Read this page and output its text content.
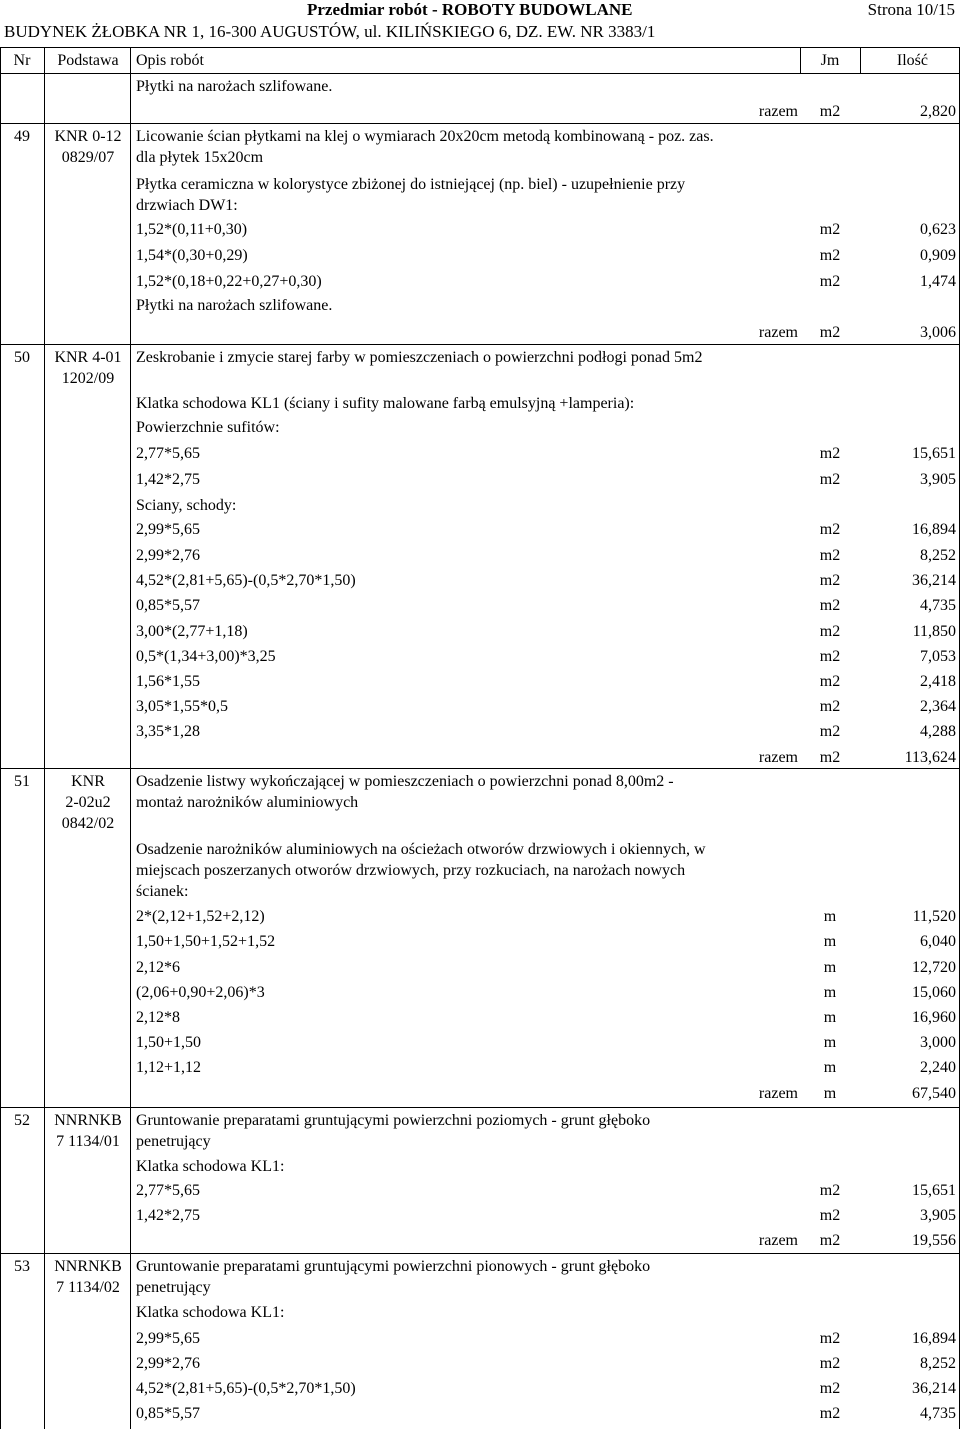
Przedmiar robót - ROBOTY BUDOWLANE	Strona 10/15
BUDYNEK ŻŁOBKA NR 1, 16-300 AUGUSTÓW, ul. KILIŃSKIEGO 6, DZ. EW. NR 3383/1
Nr	Podstawa	Opis robót	Jm	Ilość
Płytki na narożach szlifowane.
razem	m2	2,820
49	KNR 0-12
0829/07
Licowanie ścian płytkami na klej o wymiarach 20x20cm metodą kombinowaną - poz. zas.
dla płytek 15x20cm
Płytka ceramiczna w kolorystyce zbiżonej do istniejącej (np. biel) - uzupełnienie przy
drzwiach DW1:
1,52*(0,11+0,30)	m2	0,623
1,54*(0,30+0,29)	m2	0,909
1,52*(0,18+0,22+0,27+0,30)	m2	1,474
Płytki na narożach szlifowane.
razem	m2	3,006
50	KNR 4-01
1202/09
Zeskrobanie i zmycie starej farby w pomieszczeniach o powierzchni podłogi ponad 5m2
Klatka schodowa KL1 (ściany i sufity malowane farbą emulsyjną +lamperia):
Powierzchnie sufitów:
2,77*5,65	m2	15,651
1,42*2,75	m2	3,905
Sciany, schody:
2,99*5,65	m2	16,894
2,99*2,76	m2	8,252
4,52*(2,81+5,65)-(0,5*2,70*1,50)	m2	36,214
0,85*5,57	m2	4,735
3,00*(2,77+1,18)	m2	11,850
0,5*(1,34+3,00)*3,25	m2	7,053
1,56*1,55	m2	2,418
3,05*1,55*0,5	m2	2,364
3,35*1,28	m2	4,288
razem	m2	113,624
51	KNR
2-02u2
0842/02
Osadzenie listwy wykończającej w pomieszczeniach o powierzchni ponad 8,00m2 -
montaż narożników aluminiowych
Osadzenie narożników aluminiowych na ościeżach otworów drzwiowych i okiennych, w
miejscach poszerzanych otworów drzwiowych, przy rozkuciach, na narożach nowych
ścianek:
2*(2,12+1,52+2,12)	m	11,520
1,50+1,50+1,52+1,52	m	6,040
2,12*6	m	12,720
(2,06+0,90+2,06)*3	m	15,060
2,12*8	m	16,960
1,50+1,50	m	3,000
1,12+1,12	m	2,240
razem	m	67,540
52	NNRNKB
7 1134/01
Gruntowanie preparatami gruntującymi powierzchni poziomych - grunt głęboko
penetrujący
Klatka schodowa KL1:
2,77*5,65	m2	15,651
1,42*2,75	m2	3,905
razem	m2	19,556
53	NNRNKB
7 1134/02
Gruntowanie preparatami gruntującymi powierzchni pionowych - grunt głęboko
penetrujący
Klatka schodowa KL1:
2,99*5,65	m2	16,894
2,99*2,76	m2	8,252
4,52*(2,81+5,65)-(0,5*2,70*1,50)	m2	36,214
0,85*5,57	m2	4,735
